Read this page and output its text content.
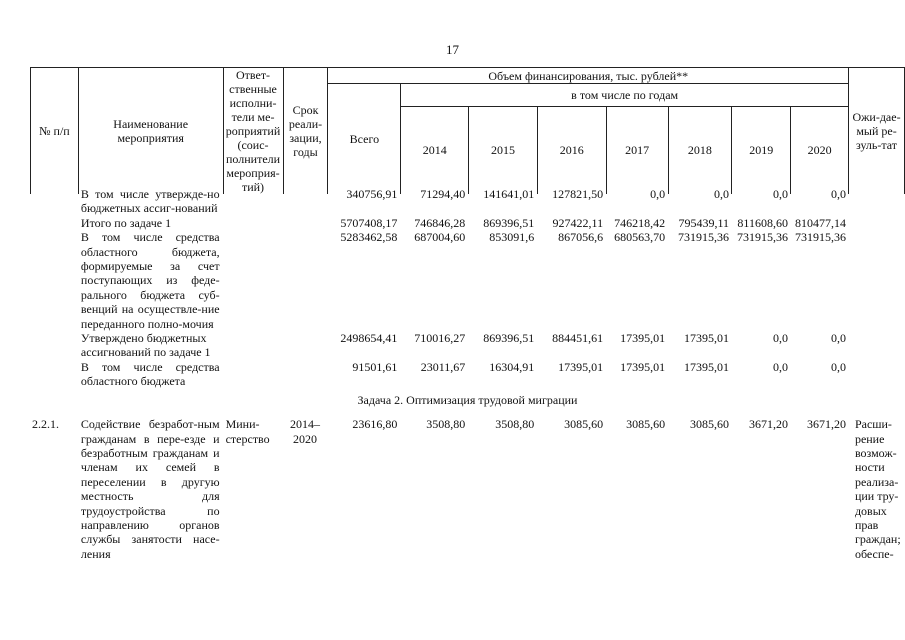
17
№ п/п	Наименование мероприятия	Ответ-ственные исполни-тели ме-роприятий (соис-полнители мероприя-тий)	Срок реали-зации, годы	Объем финансирования, тыс. рублей**								Ожи-дае-мый ре-зуль-тат
				Всего	в том числе по годам							
					2014	2015	2016	2017	2018	2019	2020	
	В том числе утвержде-но бюджетных ассиг-нований			340756,91	71294,40	141641,01	127821,50	0,0	0,0	0,0	0,0	
	Итого по задаче 1			5707408,17	746846,28	869396,51	927422,11	746218,42	795439,11	811608,60	810477,14	
	В том числе средства областного бюджета, формируемые за счет поступающих из феде-рального бюджета суб-венций на осуществле-ние переданного полно-мочия			5283462,58	687004,60	853091,6	867056,6	680563,70	731915,36	731915,36	731915,36	
	Утверждено бюджетных ассигнований по задаче 1			2498654,41	710016,27	869396,51	884451,61	17395,01	17395,01	0,0	0,0	
	В том числе средства областного бюджета			91501,61	23011,67	16304,91	17395,01	17395,01	17395,01	0,0	0,0	
Задача 2. Оптимизация трудовой миграции												
2.2.1.	Содействие безработ-ным гражданам в пере-езде и безработным гражданам и членам их семей в переселении в другую местность для трудоустройства по направлению органов службы занятости насе-ления	Мини-стерство	2014–2020	23616,80	3508,80	3508,80	3085,60	3085,60	3085,60	3671,20	3671,20	Расши-рение возмож-ности реализа-ции тру-довых прав граждан; обеспе-
